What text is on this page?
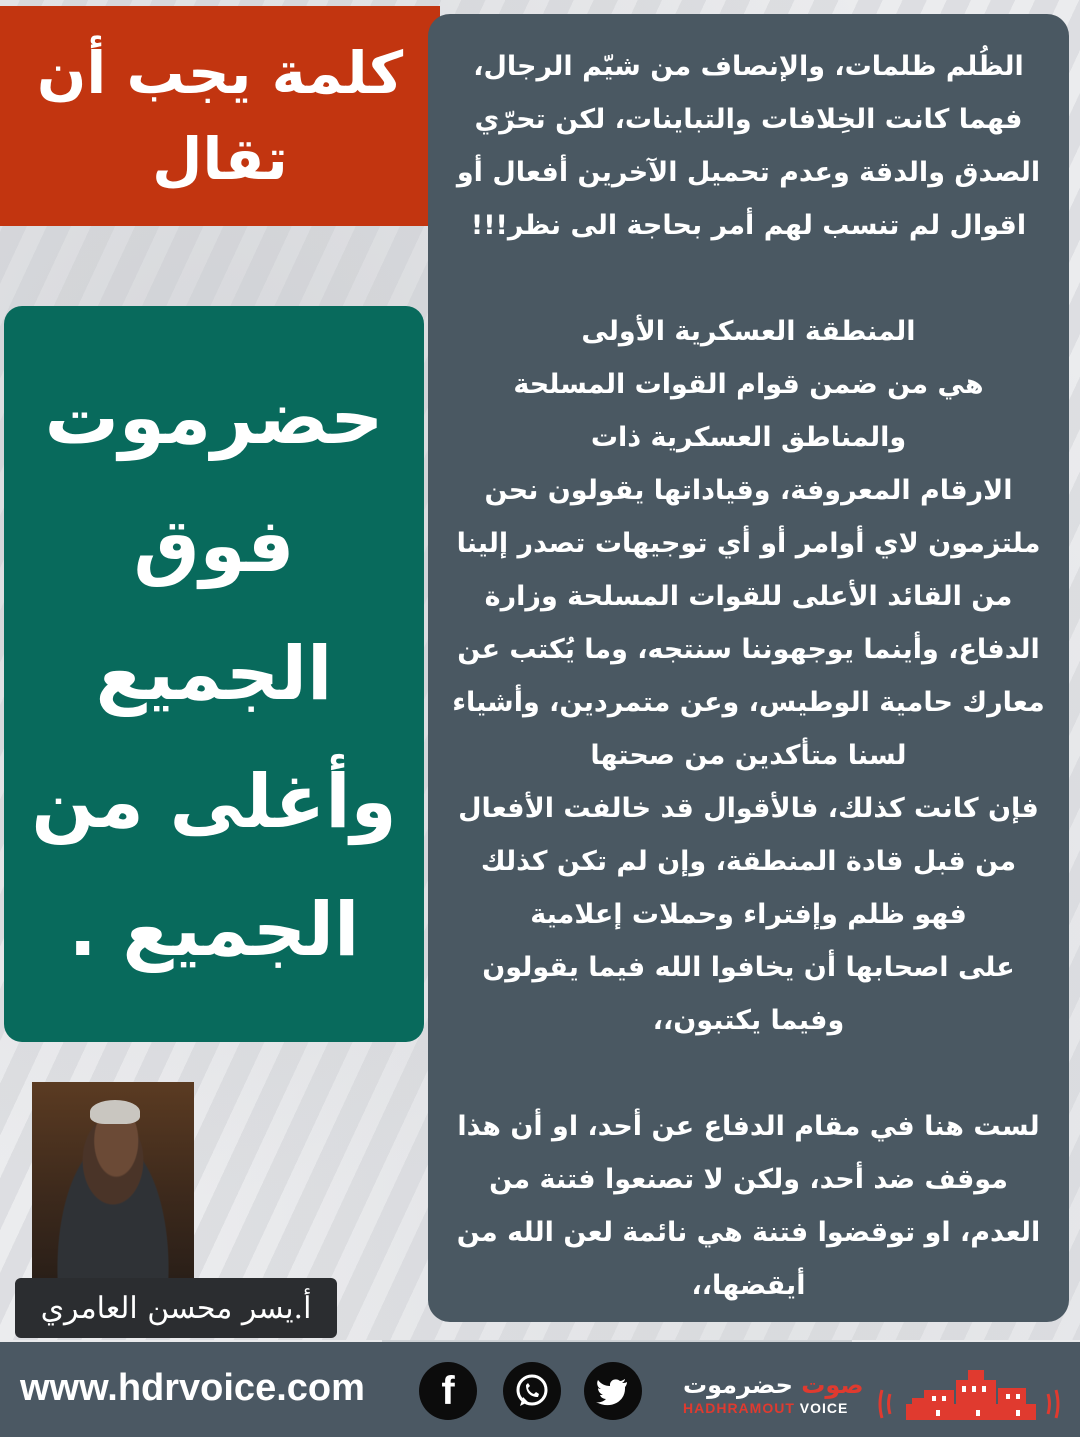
كلمة يجب أن تقال
حضرموت فوق الجميع وأغلى من الجميع .

الظُلم ظلمات، والإنصاف من شيّم الرجال،
فهما كانت الخِلافات والتباينات، لكن تحرّي
الصدق والدقة وعدم تحميل الآخرين أفعال أو
اقوال لم تنسب لهم أمر بحاجة الى نظر!!!

المنطقة العسكرية الأولى
هي من ضمن قوام القوات المسلحة
والمناطق العسكرية ذات
الارقام المعروفة، وقياداتها يقولون نحن
ملتزمون لاي أوامر أو أي توجيهات تصدر إلينا
من القائد الأعلى للقوات المسلحة وزارة
الدفاع، وأينما يوجهوننا سنتجه، وما يُكتب عن
معارك حامية الوطيس، وعن متمردين، وأشياء
لسنا متأكدين من صحتها
فإن كانت كذلك، فالأقوال قد خالفت الأفعال
من قبل قادة المنطقة، وإن لم تكن كذلك
فهو ظلم وإفتراء وحملات إعلامية
على اصحابها أن يخافوا الله فيما يقولون
وفيما يكتبون،،

لست هنا في مقام الدفاع عن أحد، او أن هذا
موقف ضد أحد، ولكن لا تصنعوا فتنة من
العدم، او توقضوا فتنة هي نائمة لعن الله من
أيقضها،،

أ.يسر محسن العامري
www.hdrvoice.com f	صوت حضرموت
HADHRAMOUT VOICE
